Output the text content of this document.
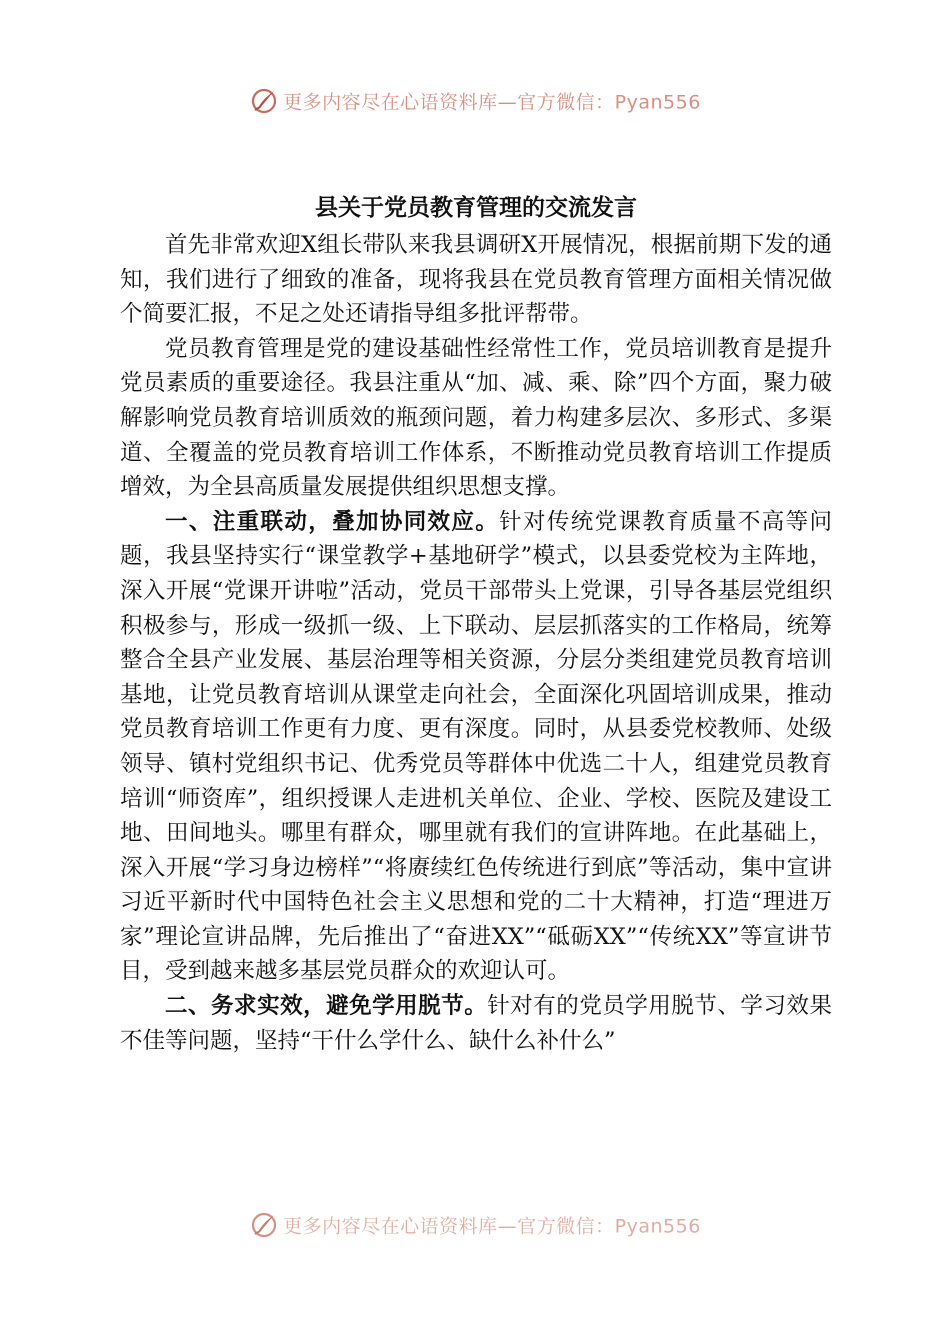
更多内容尽在心语资料库—官方微信：Pyan556
县关于党员教育管理的交流发言

首先非常欢迎X组长带队来我县调研X开展情况，根据前期下发的通知，我们进行了细致的准备，现将我县在党员教育管理方面相关情况做个简要汇报，不足之处还请指导组多批评帮带。

党员教育管理是党的建设基础性经常性工作，党员培训教育是提升党员素质的重要途径。我县注重从“加、减、乘、除”四个方面，聚力破解影响党员教育培训质效的瓶颈问题，着力构建多层次、多形式、多渠道、全覆盖的党员教育培训工作体系，不断推动党员教育培训工作提质增效，为全县高质量发展提供组织思想支撑。

一、注重联动，叠加协同效应。针对传统党课教育质量不高等问题，我县坚持实行“课堂教学+基地研学”模式，以县委党校为主阵地，深入开展“党课开讲啦”活动，党员干部带头上党课，引导各基层党组织积极参与，形成一级抓一级、上下联动、层层抓落实的工作格局，统筹整合全县产业发展、基层治理等相关资源，分层分类组建党员教育培训基地，让党员教育培训从课堂走向社会，全面深化巩固培训成果，推动党员教育培训工作更有力度、更有深度。同时，从县委党校教师、处级领导、镇村党组织书记、优秀党员等群体中优选二十人，组建党员教育培训“师资库”，组织授课人走进机关单位、企业、学校、医院及建设工地、田间地头。哪里有群众，哪里就有我们的宣讲阵地。在此基础上，深入开展“学习身边榜样”“将赓续红色传统进行到底”等活动，集中宣讲习近平新时代中国特色社会主义思想和党的二十大精神，打造“理进万家”理论宣讲品牌，先后推出了“奋进XX”“砥砺XX”“传统XX”等宣讲节目，受到越来越多基层党员群众的欢迎认可。

二、务求实效，避免学用脱节。针对有的党员学用脱节、学习效果不佳等问题，坚持“干什么学什么、缺什么补什么”

更多内容尽在心语资料库—官方微信：Pyan556
